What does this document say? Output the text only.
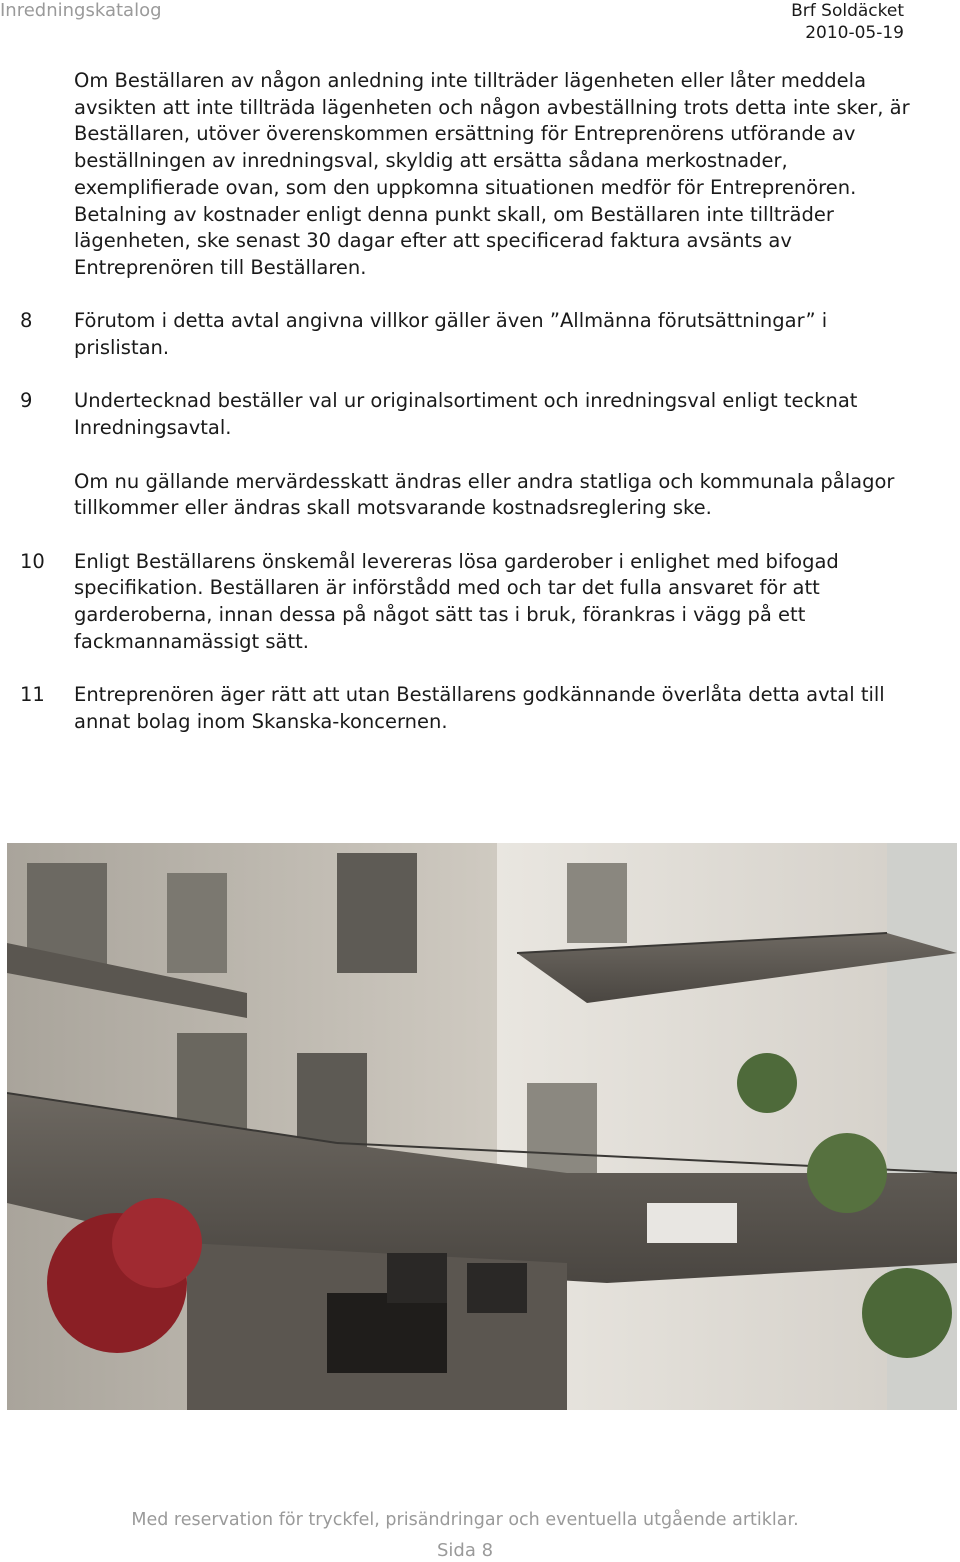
Inredningskatalog	Brf Soldäcket
2010-05-19

Om Beställaren av någon anledning inte tillträder lägenheten eller låter meddela avsikten att inte tillträda lägenheten och någon avbeställning trots detta inte sker, är Beställaren, utöver överenskommen ersättning för Entreprenörens utförande av beställningen av inredningsval, skyldig att ersätta sådana merkostnader, exemplifierade ovan, som den uppkomna situationen medför för Entreprenören. Betalning av kostnader enligt denna punkt skall, om Beställaren inte tillträder lägenheten, ske senast 30 dagar efter att specificerad faktura avsänts av Entreprenören till Beställaren.

8	Förutom i detta avtal angivna villkor gäller även ”Allmänna förutsättningar” i prislistan.
9	Undertecknad beställer val ur originalsortiment och inredningsval enligt tecknat Inredningsavtal.

Om nu gällande mervärdesskatt ändras eller andra statliga och kommunala pålagor tillkommer eller ändras skall motsvarande kostnadsreglering ske.

10	Enligt Beställarens önskemål levereras lösa garderober i enlighet med bifogad specifikation. Beställaren är införstådd med och tar det fulla ansvaret för att garderoberna, innan dessa på något sätt tas i bruk, förankras i vägg på ett fackmannamässigt sätt.
11	Entreprenören äger rätt att utan Beställarens godkännande överlåta detta avtal till annat bolag inom Skanska-koncernen.
Med reservation för tryckfel, prisändringar och eventuella utgående artiklar.
Sida 8
